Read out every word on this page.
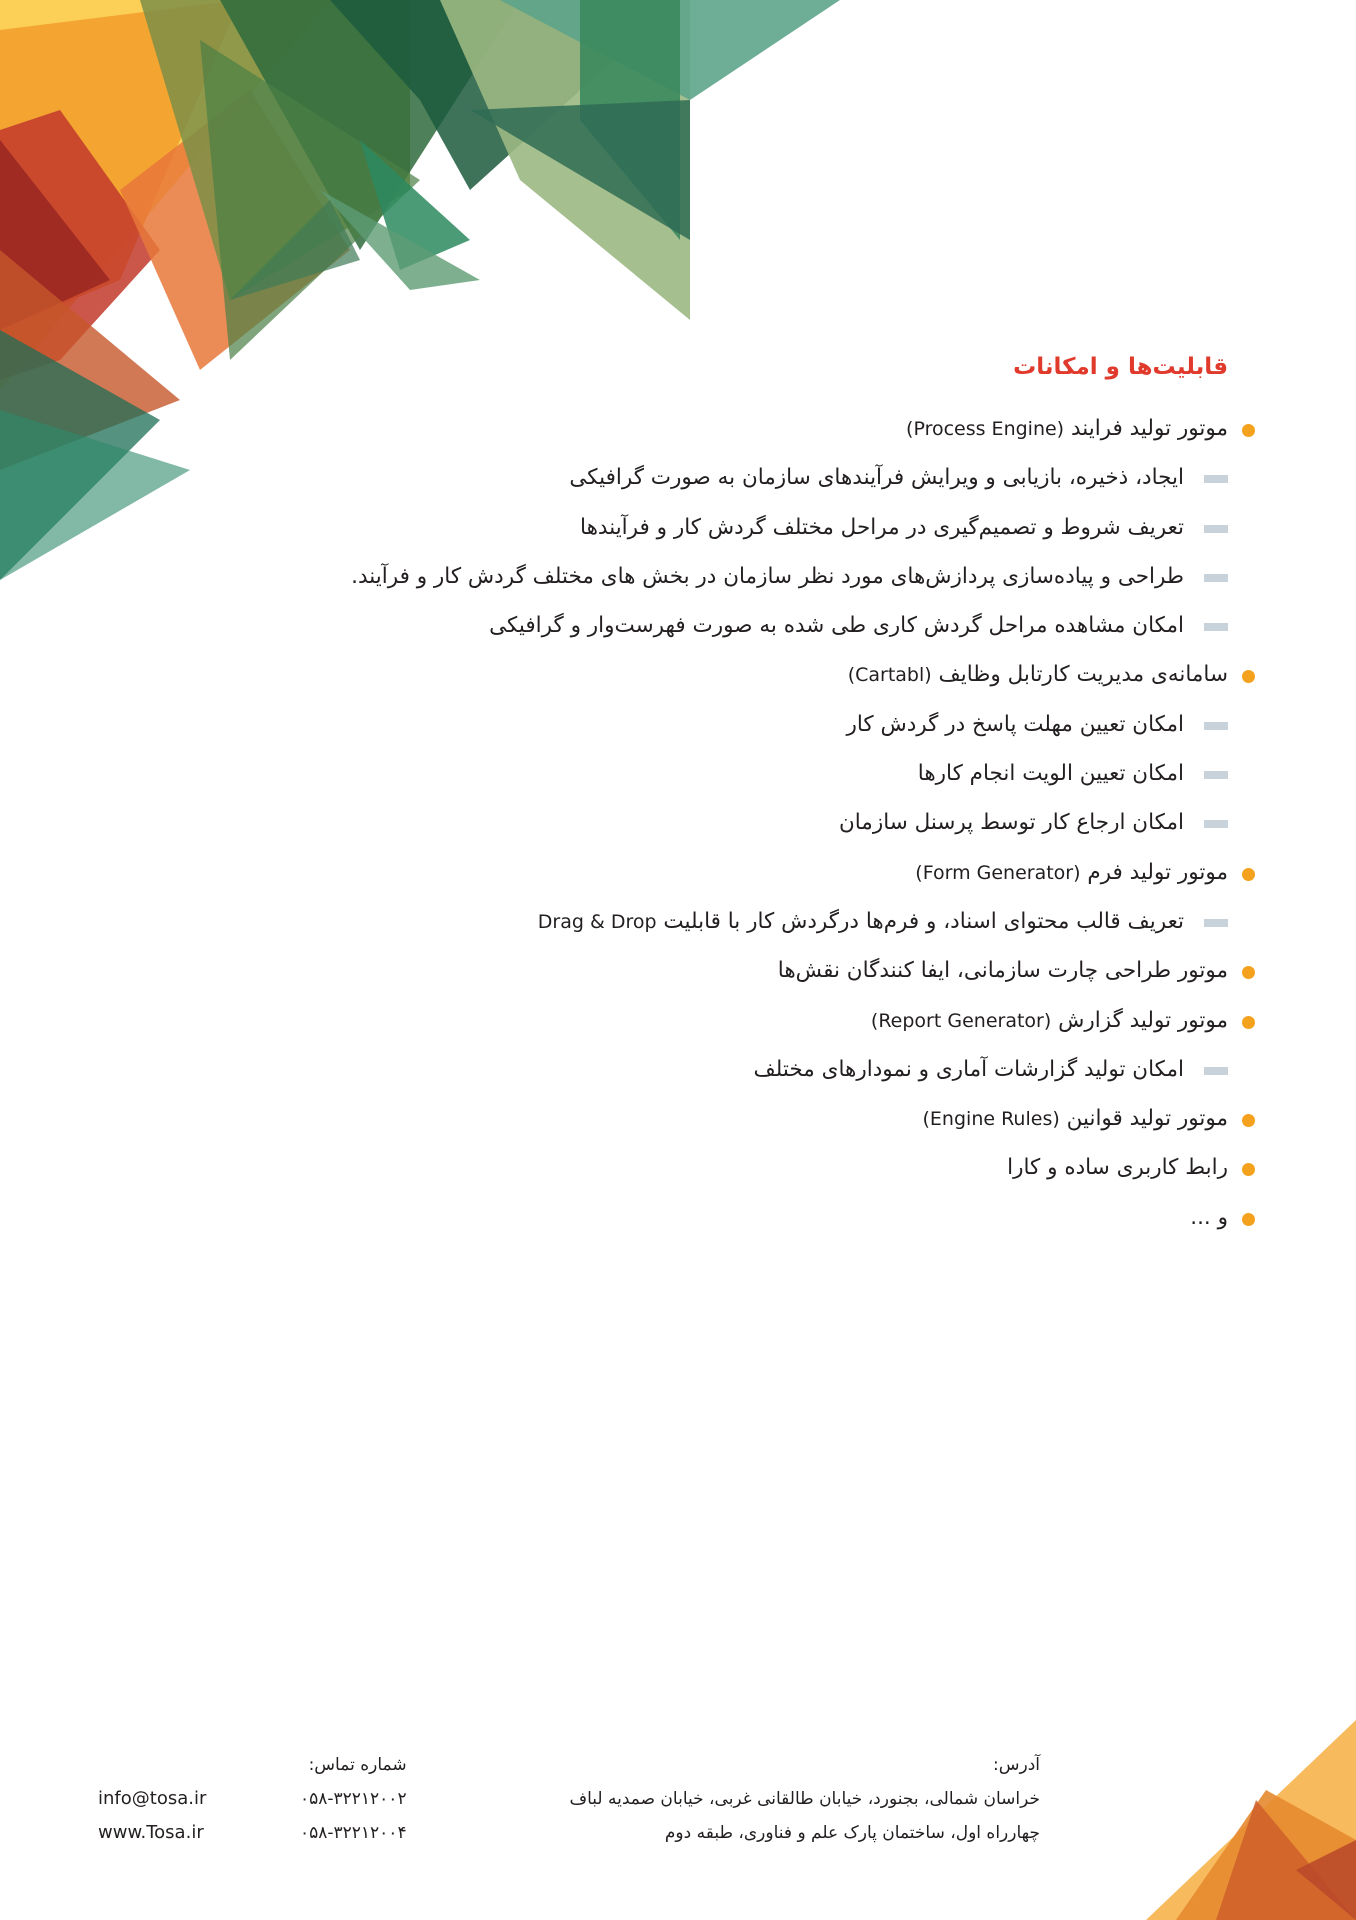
قابلیت‌ها و امکانات
موتور تولید فرایند (Process Engine)
ایجاد، ذخیره، بازیابی و ویرایش فرآیندهای سازمان به صورت گرافیکی
تعریف شروط و تصمیم‌گیری در مراحل مختلف گردش کار و فرآیندها
طراحی و پیاده‌سازی پردازش‌های مورد نظر سازمان در بخش های مختلف گردش کار و فرآیند.
امکان مشاهده مراحل گردش کاری طی شده به صورت فهرست‌وار و گرافیکی
سامانه‌ی مدیریت کارتابل وظایف (Cartabl)
امکان تعیین مهلت پاسخ در گردش کار
امکان تعیین الویت انجام کارها
امکان ارجاع کار توسط پرسنل سازمان
موتور تولید فرم (Form Generator)
تعریف قالب محتوای اسناد، و فرم‌ها درگردش کار با قابلیت Drag & Drop
موتور طراحی چارت سازمانی، ایفا کنندگان نقش‌ها
موتور تولید گزارش (Report Generator)
امکان تولید گزارشات آماری و نمودارهای مختلف
موتور تولید قوانین (Engine Rules)
رابط کاربری ساده و کارا
و ...
آدرس:
خراسان شمالی، بجنورد، خیابان طالقانی غربی، خیابان صمدیه لباف
چهارراه اول، ساختمان پارک علم و فناوری، طبقه دوم
شماره تماس:
۰۵۸-۳۲۲۱۲۰۰۲
۰۵۸-۳۲۲۱۲۰۰۴
info@tosa.ir
www.Tosa.ir
